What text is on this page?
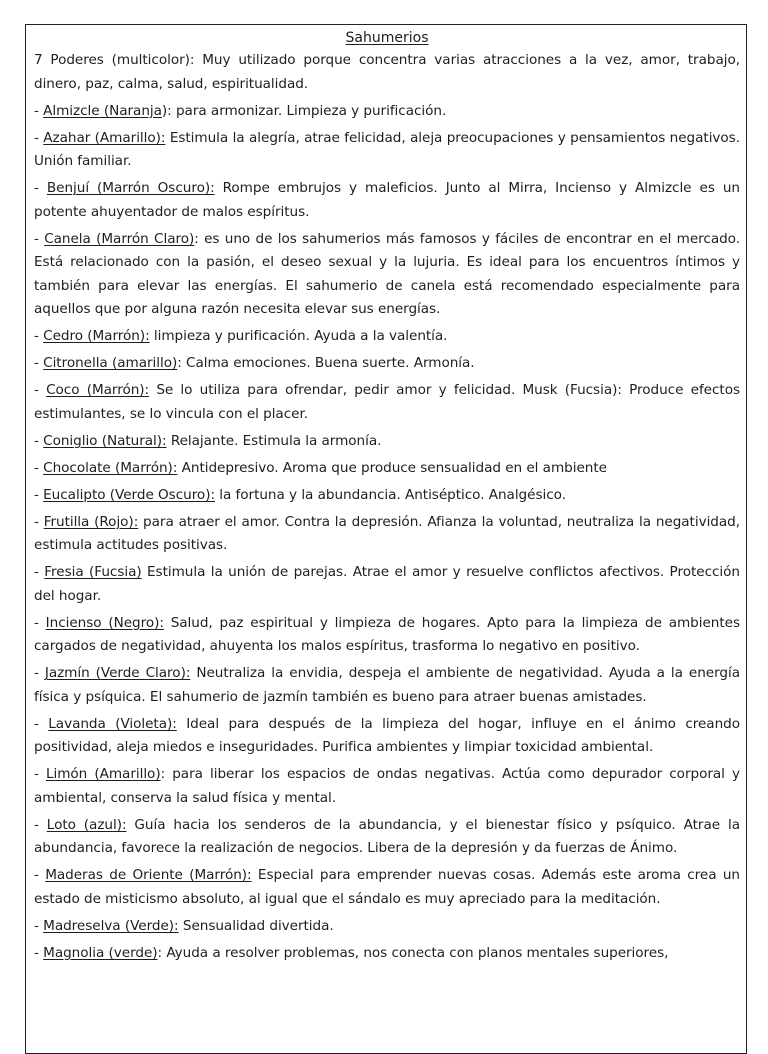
Sahumerios

7 Poderes (multicolor): Muy utilizado porque concentra varias atracciones a la vez, amor, trabajo, dinero, paz, calma, salud, espiritualidad.

- Almizcle (Naranja): para armonizar. Limpieza y purificación.

- Azahar (Amarillo): Estimula la alegría, atrae felicidad, aleja preocupaciones y pensamientos negativos. Unión familiar.

- Benjuí (Marrón Oscuro): Rompe embrujos y maleficios. Junto al Mirra, Incienso y Almizcle es un potente ahuyentador de malos espíritus.

- Canela (Marrón Claro): es uno de los sahumerios más famosos y fáciles de encontrar en el mercado. Está relacionado con la pasión, el deseo sexual y la lujuria. Es ideal para los encuentros íntimos y también para elevar las energías. El sahumerio de canela está recomendado especialmente para aquellos que por alguna razón necesita elevar sus energías.

- Cedro (Marrón): limpieza y purificación. Ayuda a la valentía.

- Citronella (amarillo): Calma emociones. Buena suerte. Armonía.

- Coco (Marrón): Se lo utiliza para ofrendar, pedir amor y felicidad. Musk (Fucsia): Produce efectos estimulantes, se lo vincula con el placer.

- Coniglio (Natural): Relajante. Estimula la armonía.

- Chocolate (Marrón): Antidepresivo. Aroma que produce sensualidad en el ambiente

- Eucalipto (Verde Oscuro): la fortuna y la abundancia. Antiséptico. Analgésico.

- Frutilla (Rojo): para atraer el amor. Contra la depresión. Afianza la voluntad, neutraliza la negatividad, estimula actitudes positivas.

- Fresia (Fucsia) Estimula la unión de parejas. Atrae el amor y resuelve conflictos afectivos. Protección del hogar.

- Incienso (Negro): Salud, paz espiritual y limpieza de hogares. Apto para la limpieza de ambientes cargados de negatividad, ahuyenta los malos espíritus, trasforma lo negativo en positivo.

- Jazmín (Verde Claro): Neutraliza la envidia, despeja el ambiente de negatividad. Ayuda a la energía física y psíquica. El sahumerio de jazmín también es bueno para atraer buenas amistades.

- Lavanda (Violeta): Ideal para después de la limpieza del hogar, influye en el ánimo creando positividad, aleja miedos e inseguridades. Purifica ambientes y limpiar toxicidad ambiental.

- Limón (Amarillo): para liberar los espacios de ondas negativas. Actúa como depurador corporal y ambiental, conserva la salud física y mental.

- Loto (azul): Guía hacia los senderos de la abundancia, y el bienestar físico y psíquico. Atrae la abundancia, favorece la realización de negocios. Libera de la depresión y da fuerzas de Ánimo.

- Maderas de Oriente (Marrón): Especial para emprender nuevas cosas. Además este aroma crea un estado de misticismo absoluto, al igual que el sándalo es muy apreciado para la meditación.

- Madreselva (Verde): Sensualidad divertida.

- Magnolia (verde): Ayuda a resolver problemas, nos conecta con planos mentales superiores,
